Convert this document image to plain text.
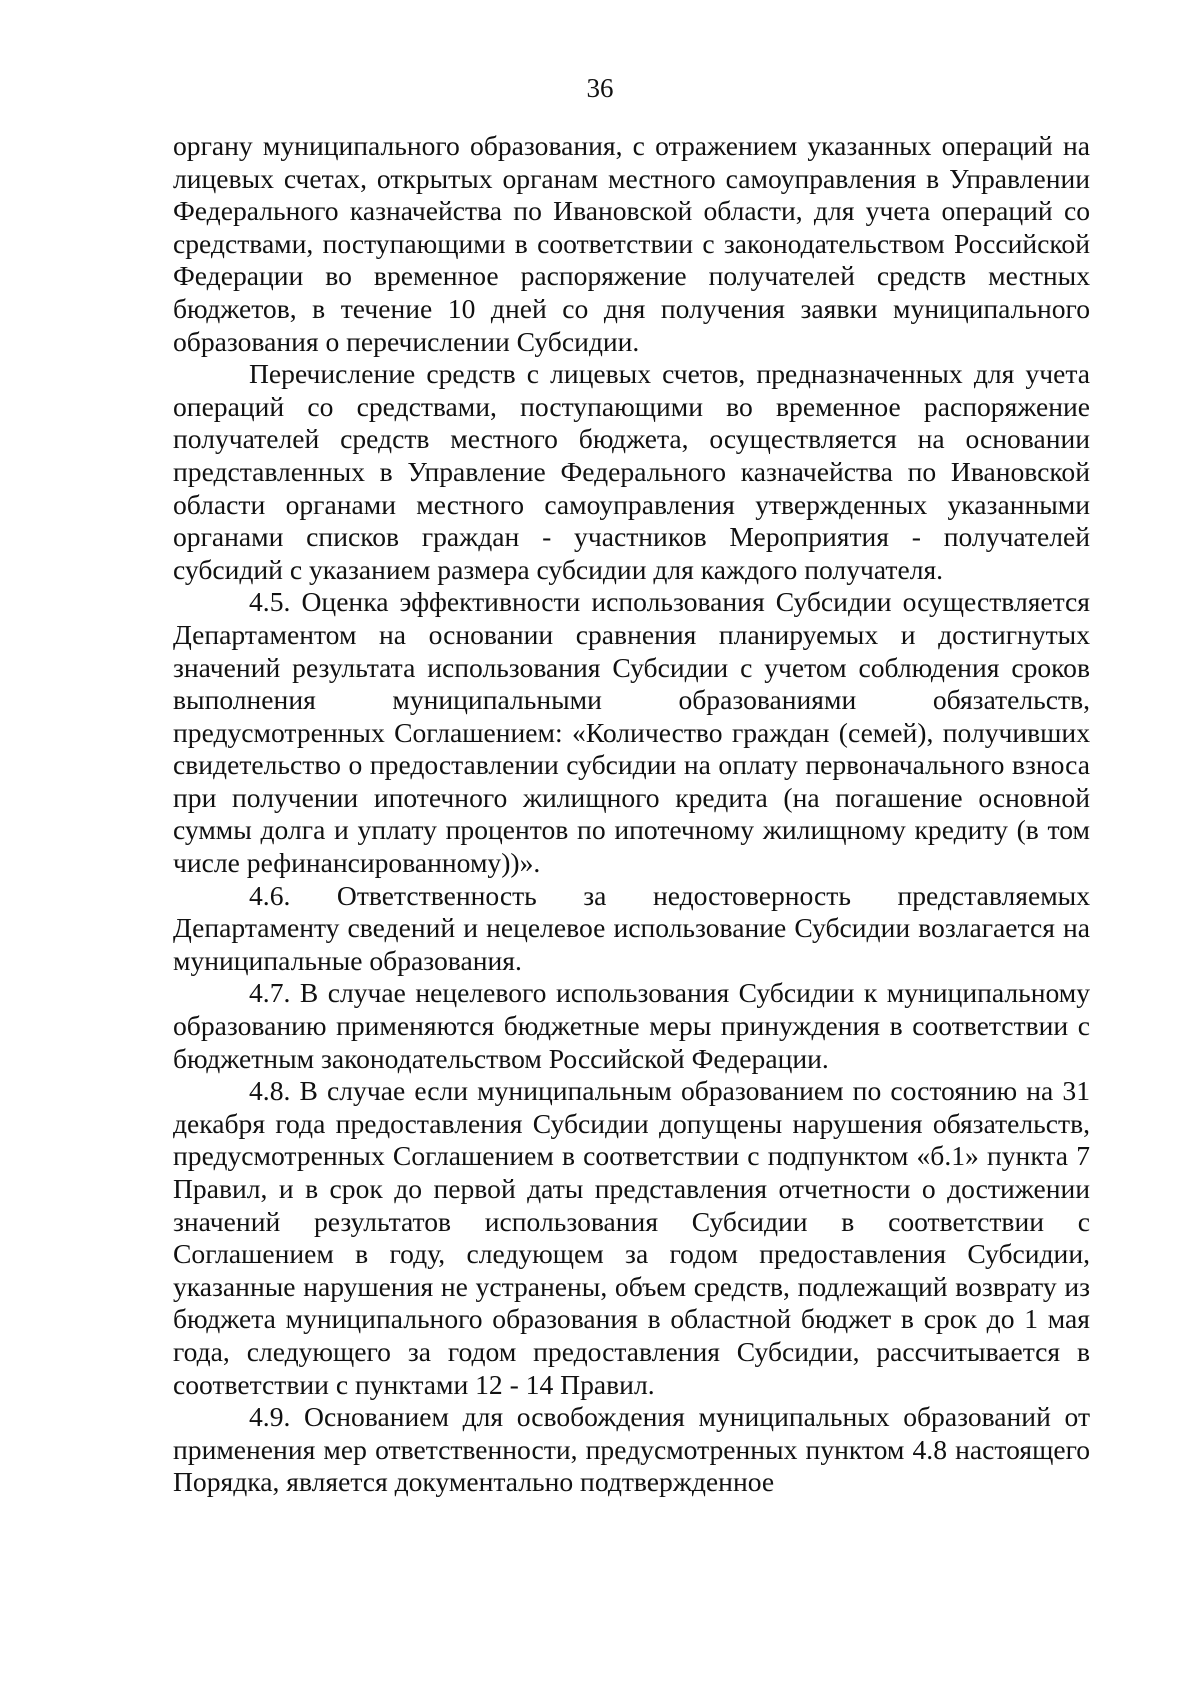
36

органу муниципального образования, с отражением указанных операций на лицевых счетах, открытых органам местного самоуправления в Управлении Федерального казначейства по Ивановской области, для учета операций со средствами, поступающими в соответствии с законодательством Российской Федерации во временное распоряжение получателей средств местных бюджетов, в течение 10 дней со дня получения заявки муниципального образования о перечислении Субсидии.

Перечисление средств с лицевых счетов, предназначенных для учета операций со средствами, поступающими во временное распоряжение получателей средств местного бюджета, осуществляется на основании представленных в Управление Федерального казначейства по Ивановской области органами местного самоуправления утвержденных указанными органами списков граждан - участников Мероприятия - получателей субсидий с указанием размера субсидии для каждого получателя.

4.5. Оценка эффективности использования Субсидии осуществляется Департаментом на основании сравнения планируемых и достигнутых значений результата использования Субсидии с учетом соблюдения сроков выполнения муниципальными образованиями обязательств, предусмотренных Соглашением: «Количество граждан (семей), получивших свидетельство о предоставлении субсидии на оплату первоначального взноса при получении ипотечного жилищного кредита (на погашение основной суммы долга и уплату процентов по ипотечному жилищному кредиту (в том числе рефинансированному))».

4.6. Ответственность за недостоверность представляемых Департаменту сведений и нецелевое использование Субсидии возлагается на муниципальные образования.

4.7. В случае нецелевого использования Субсидии к муниципальному образованию применяются бюджетные меры принуждения в соответствии с бюджетным законодательством Российской Федерации.

4.8. В случае если муниципальным образованием по состоянию на 31 декабря года предоставления Субсидии допущены нарушения обязательств, предусмотренных Соглашением в соответствии с подпунктом «б.1» пункта 7 Правил, и в срок до первой даты представления отчетности о достижении значений результатов использования Субсидии в соответствии с Соглашением в году, следующем за годом предоставления Субсидии, указанные нарушения не устранены, объем средств, подлежащий возврату из бюджета муниципального образования в областной бюджет в срок до 1 мая года, следующего за годом предоставления Субсидии, рассчитывается в соответствии с пунктами 12 - 14 Правил.

4.9. Основанием для освобождения муниципальных образований от применения мер ответственности, предусмотренных пунктом 4.8 настоящего Порядка, является документально подтвержденное
